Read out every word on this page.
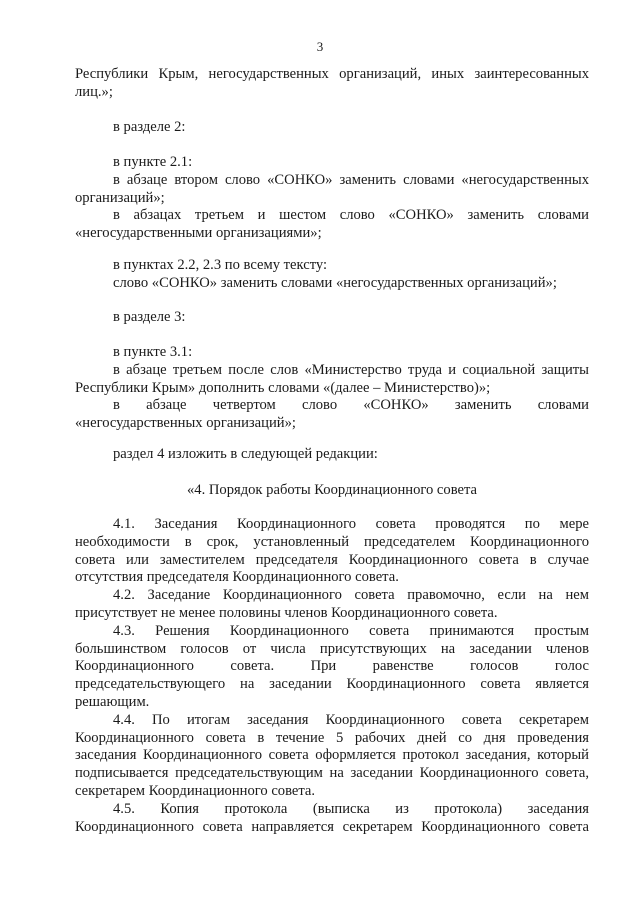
3
Республики Крым, негосударственных организаций, иных заинтересованных
лиц.»;
в разделе 2:
в пункте 2.1:
в абзаце втором слово «СОНКО» заменить словами «негосударственных
организаций»;
в абзацах третьем и шестом слово «СОНКО» заменить словами
«негосударственными организациями»;
в пунктах 2.2, 2.3 по всему тексту:
слово «СОНКО» заменить словами «негосударственных организаций»;
в разделе 3:
в пункте 3.1:
в абзаце третьем после слов «Министерство труда и социальной защиты
Республики Крым» дополнить словами «(далее – Министерство)»;
в абзаце четвертом слово «СОНКО» заменить словами
«негосударственных организаций»;
раздел 4 изложить в следующей редакции:
«4. Порядок работы Координационного совета
4.1. Заседания Координационного совета проводятся по мере
необходимости в срок, установленный председателем Координационного
совета или заместителем председателя Координационного совета в случае
отсутствия председателя Координационного совета.
4.2. Заседание Координационного совета правомочно, если на нем
присутствует не менее половины членов Координационного совета.
4.3. Решения Координационного совета принимаются простым
большинством голосов от числа присутствующих на заседании членов
Координационного совета. При равенстве голосов голос
председательствующего на заседании Координационного совета является
решающим.
4.4. По итогам заседания Координационного совета секретарем
Координационного совета в течение 5 рабочих дней со дня проведения
заседания Координационного совета оформляется протокол заседания, который
подписывается председательствующим на заседании Координационного совета,
секретарем Координационного совета.
4.5. Копия протокола (выписка из протокола) заседания
Координационного совета направляется секретарем Координационного совета
